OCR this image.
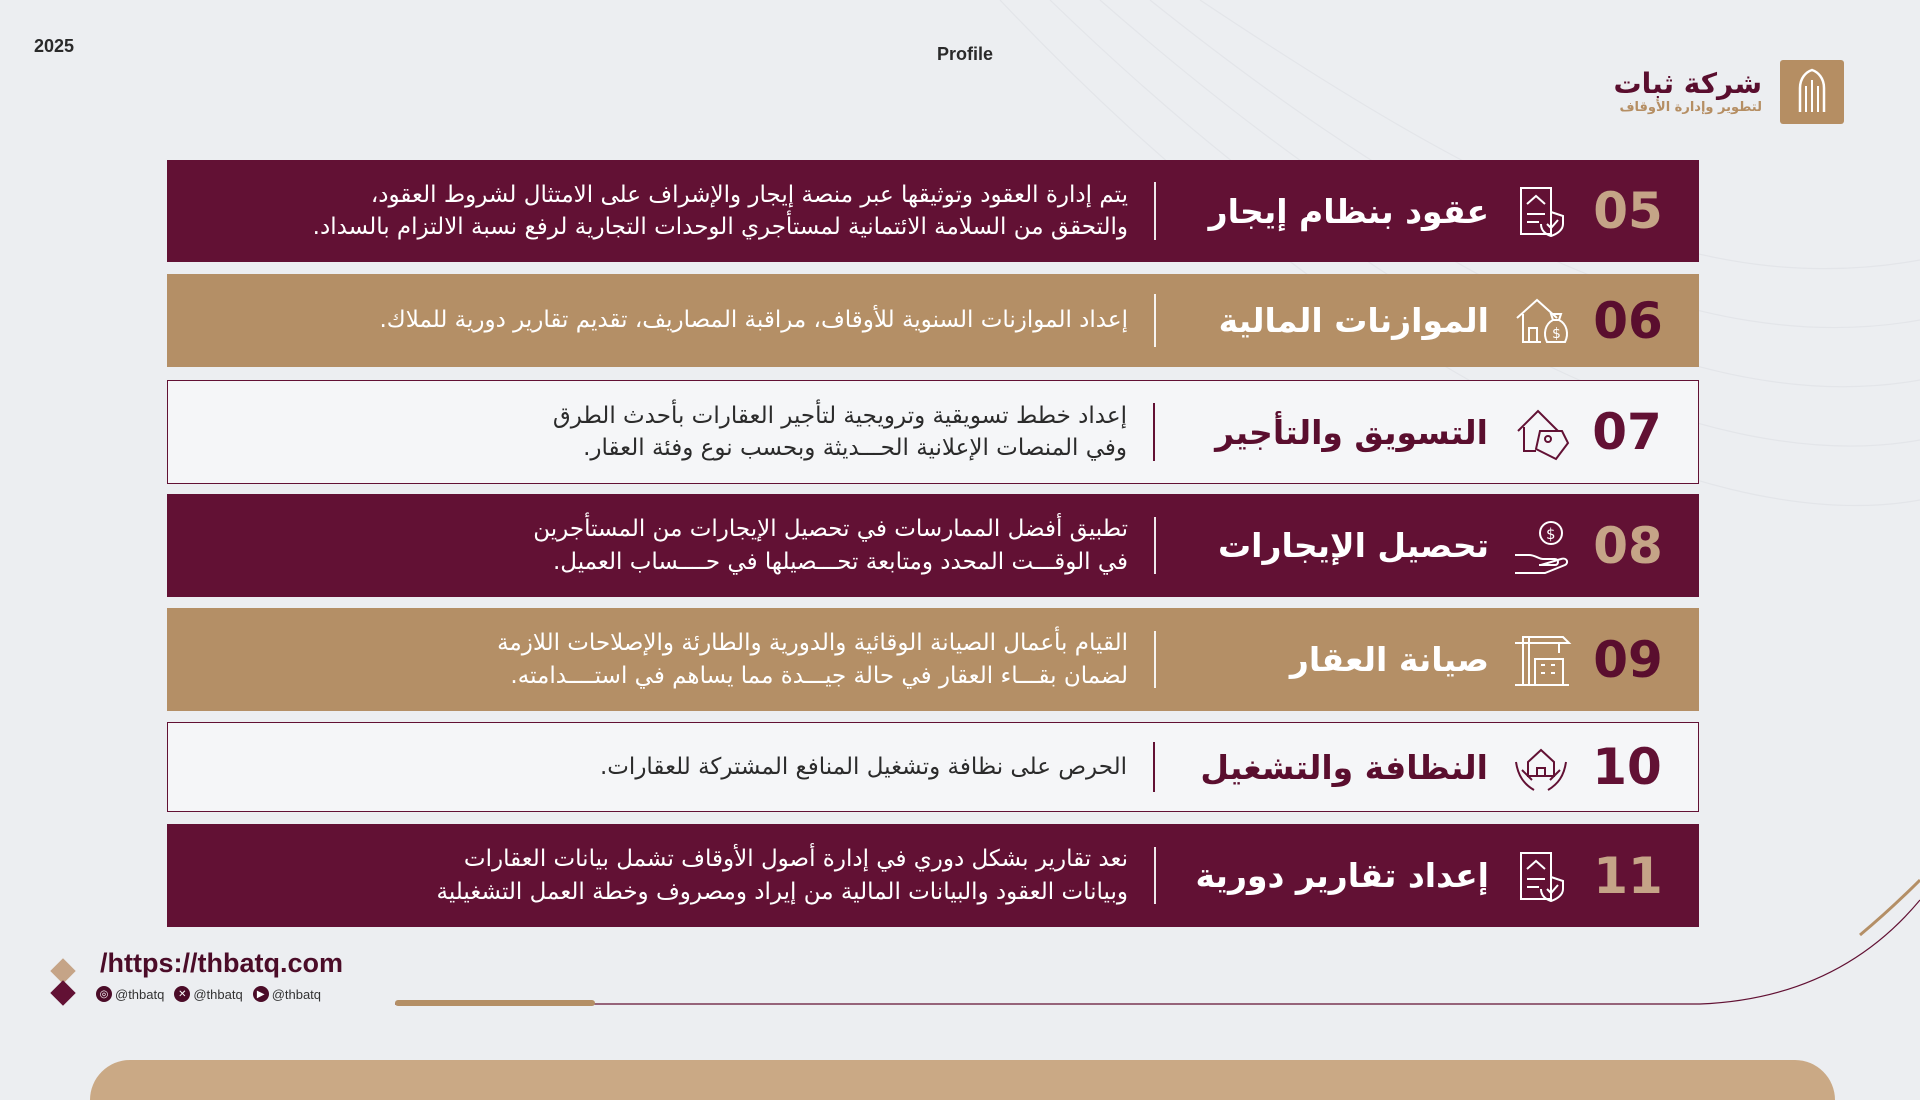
2025	Profile
شركة ثبات
لتطوير وإدارة الأوقاف
05
عقود بنظام إيجار
يتم إدارة العقود وتوثيقها عبر منصة إيجار والإشراف على الامتثال لشروط العقود،
والتحقق من السلامة الائتمانية لمستأجري الوحدات التجارية لرفع نسبة الالتزام بالسداد.
06
$
الموازنات المالية
إعداد الموازنات السنوية للأوقاف، مراقبة المصاريف، تقديم تقارير دورية للملاك.
07
التسويق والتأجير
إعداد خطط تسويقية وترويجية لتأجير العقارات بأحدث الطرق
وفي المنصات الإعلانية الحـــديثة وبحسب نوع وفئة العقار.
08
$
تحصيل الإيجارات
تطبيق أفضل الممارسات في تحصيل الإيجارات من المستأجرين
في الوقـــت المحدد ومتابعة تحـــصيلها في حــــساب العميل.
09
صيانة العقار
القيام بأعمال الصيانة الوقائية والدورية والطارئة والإصلاحات اللازمة
لضمان بقـــاء العقار في حالة جيـــدة مما يساهم في استــــدامته.
10
النظافة والتشغيل
الحرص على نظافة وتشغيل المنافع المشتركة للعقارات.
11
إعداد تقارير دورية
نعد تقارير بشكل دوري في إدارة أصول الأوقاف تشمل بيانات العقارات
وبيانات العقود والبيانات المالية من إيراد ومصروف وخطة العمل التشغيلية
/https://thbatq.com
◎ @thbatq	✕ @thbatq	▶ @thbatq
